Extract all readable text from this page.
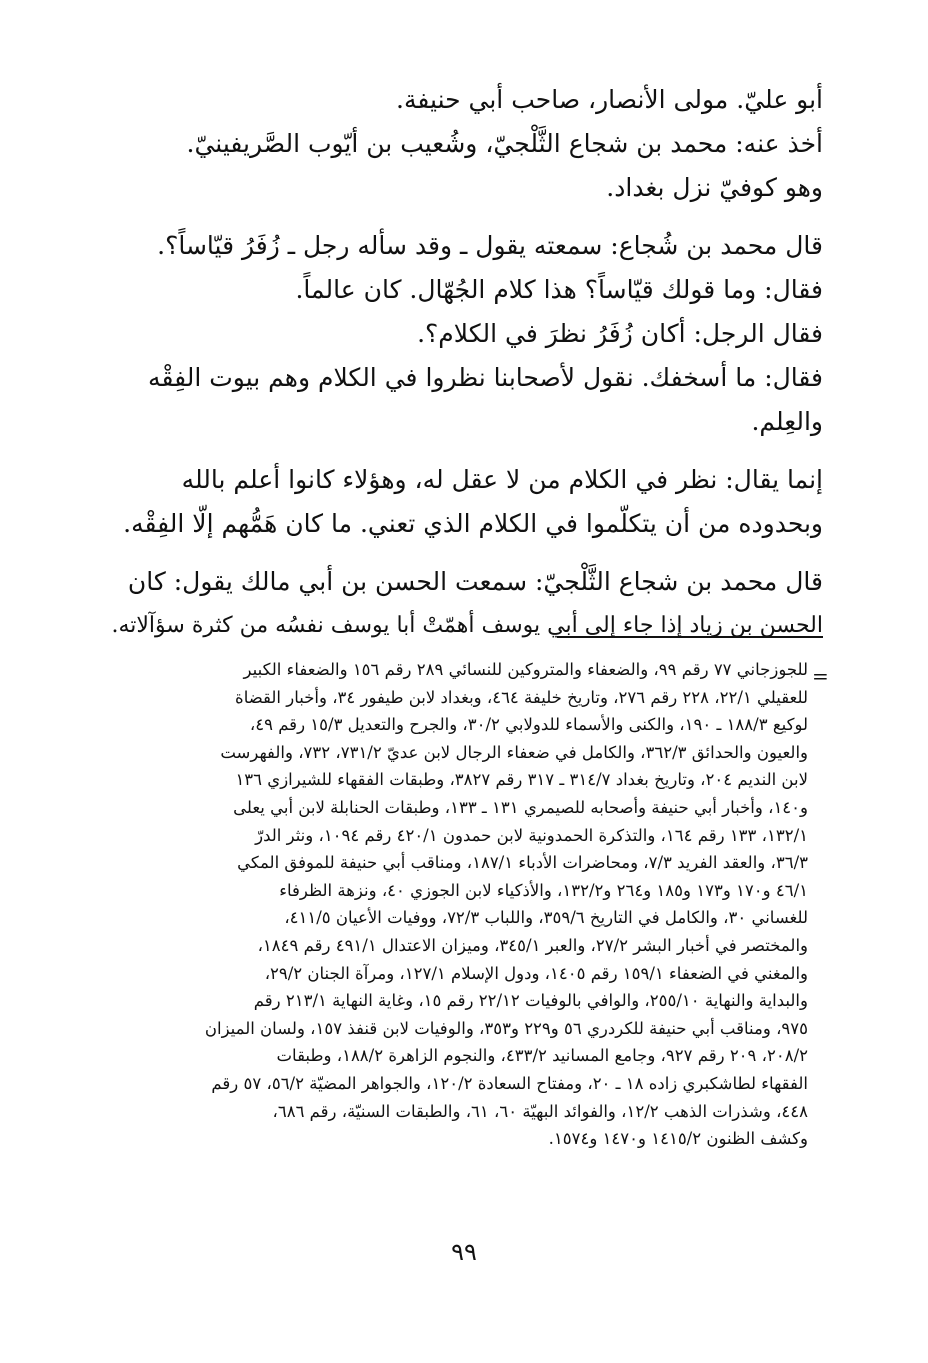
أبو عليّ. مولى الأنصار، صاحب أبي حنيفة.
أخذ عنه: محمد بن شجاع الثَّلْجيّ، وشُعيب بن أيّوب الصَّريفينيّ.
وهو كوفيّ نزل بغداد.
قال محمد بن شُجاع: سمعته يقول ـ وقد سأله رجل ـ زُفَرُ قيّاساً؟.
فقال: وما قولك قيّاساً؟ هذا كلام الجُهّال. كان عالماً.
فقال الرجل: أكان زُفَرُ نظرَ في الكلام؟.
فقال: ما أسخفك. نقول لأصحابنا نظروا في الكلام وهم بيوت الفِقْه
والعِلم.
إنما يقال: نظر في الكلام من لا عقل له، وهؤلاء كانوا أعلم بالله
وبحدوده من أن يتكلّموا في الكلام الذي تعني. ما كان هَمُّهم إلّا الفِقْه.
قال محمد بن شجاع الثَّلْجيّ: سمعت الحسن بن أبي مالك يقول: كان
الحسن بن زياد إذا جاء إلى أبي يوسف أهمّتْ أبا يوسف نفسُه من كثرة سؤآلاته.
=
للجوزجاني ٧٧ رقم ٩٩، والضعفاء والمتروكين للنسائي ٢٨٩ رقم ١٥٦ والضعفاء الكبير
للعقيلي ٢٢/١، ٢٢٨ رقم ٢٧٦، وتاريخ خليفة ٤٦٤، وبغداد لابن طيفور ٣٤، وأخبار القضاة
لوكيع ١٨٨/٣ ـ ١٩٠، والكنى والأسماء للدولابي ٣٠/٢، والجرح والتعديل ١٥/٣ رقم ٤٩،
والعيون والحدائق ٣٦٢/٣، والكامل في ضعفاء الرجال لابن عديّ ٧٣١/٢، ٧٣٢، والفهرست
لابن النديم ٢٠٤، وتاريخ بغداد ٣١٤/٧ ـ ٣١٧ رقم ٣٨٢٧، وطبقات الفقهاء للشيرازي ١٣٦
و١٤٠، وأخبار أبي حنيفة وأصحابه للصيمري ١٣١ ـ ١٣٣، وطبقات الحنابلة لابن أبي يعلى
١٣٢/١، ١٣٣ رقم ١٦٤، والتذكرة الحمدونية لابن حمدون ٤٢٠/١ رقم ١٠٩٤، ونثر الدرّ
٣٦/٣، والعقد الفريد ٧/٣، ومحاضرات الأدباء ١٨٧/١، ومناقب أبي حنيفة للموفق المكي
٤٦/١ و١٧٠ و١٧٣ و١٨٥ و٢٦٤ و١٣٢/٢، والأذكياء لابن الجوزي ٤٠، ونزهة الظرفاء
للغساني ٣٠، والكامل في التاريخ ٣٥٩/٦، واللباب ٧٢/٣، ووفيات الأعيان ٤١١/٥،
والمختصر في أخبار البشر ٢٧/٢، والعبر ٣٤٥/١، وميزان الاعتدال ٤٩١/١ رقم ١٨٤٩،
والمغني في الضعفاء ١٥٩/١ رقم ١٤٠٥، ودول الإسلام ١٢٧/١، ومرآة الجنان ٢٩/٢،
والبداية والنهاية ٢٥٥/١٠، والوافي بالوفيات ٢٢/١٢ رقم ١٥، وغاية النهاية ٢١٣/١ رقم
٩٧٥، ومناقب أبي حنيفة للكردري ٥٦ و٢٢٩ و٣٥٣، والوفيات لابن قنفذ ١٥٧، ولسان الميزان
٢٠٨/٢، ٢٠٩ رقم ٩٢٧، وجامع المسانيد ٤٣٣/٢، والنجوم الزاهرة ١٨٨/٢، وطبقات
الفقهاء لطاشكبري زاده ١٨ ـ ٢٠، ومفتاح السعادة ١٢٠/٢، والجواهر المضيّة ٥٦/٢، ٥٧ رقم
٤٤٨، وشذرات الذهب ١٢/٢، والفوائد البهيّة ٦٠، ٦١، والطبقات السنيّة، رقم ٦٨٦،
وكشف الظنون ١٤١٥/٢ و١٤٧٠ و١٥٧٤.
٩٩
